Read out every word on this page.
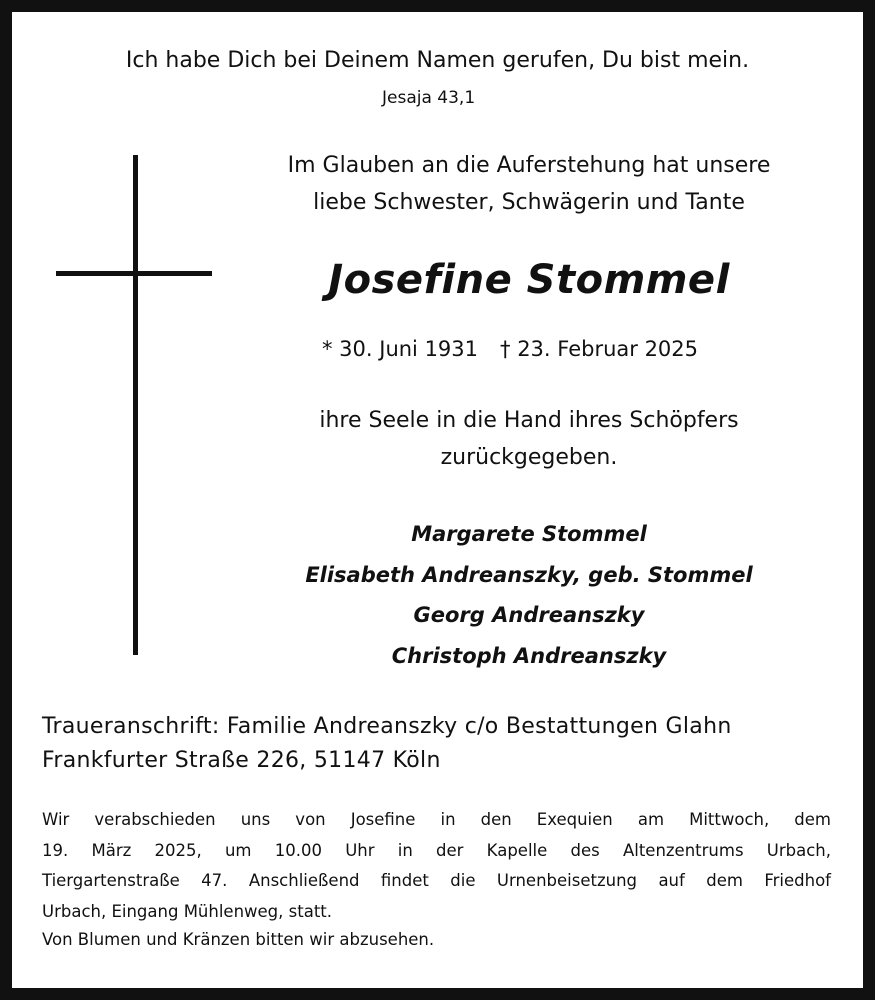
Ich habe Dich bei Deinem Namen gerufen, Du bist mein.

Jesaja 43,1

Im Glauben an die Auferstehung hat unsere
liebe Schwester, Schwägerin und Tante

Josefine Stommel

* 30. Juni 1931 † 23. Februar 2025

ihre Seele in die Hand ihres Schöpfers
zurückgegeben.

Margarete Stommel
Elisabeth Andreanszky, geb. Stommel
Georg Andreanszky
Christoph Andreanszky
Traueranschrift: Familie Andreanszky c/o Bestattungen Glahn
Frankfurter Straße 226, 51147 Köln
Wir verabschieden uns von Josefine in den Exequien am Mittwoch, dem
19. März 2025, um 10.00 Uhr in der Kapelle des Altenzentrums Urbach,
Tiergartenstraße 47. Anschließend findet die Urnenbeisetzung auf dem Friedhof
Urbach, Eingang Mühlenweg, statt.

Von Blumen und Kränzen bitten wir abzusehen.
